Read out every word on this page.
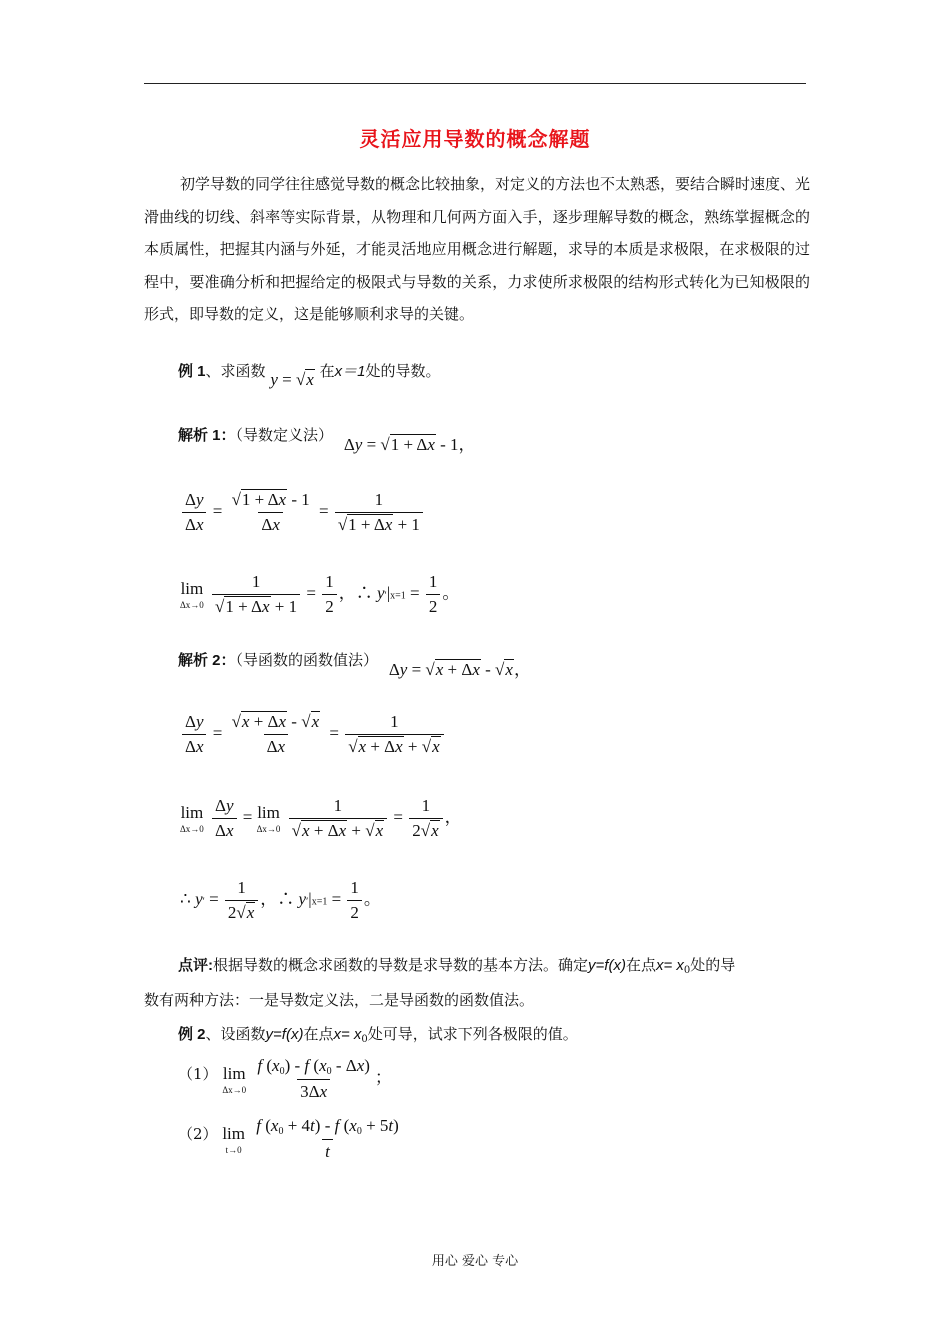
灵活应用导数的概念解题

初学导数的同学往往感觉导数的概念比较抽象，对定义的方法也不太熟悉，要结合瞬时速度、光滑曲线的切线、斜率等实际背景，从物理和几何两方面入手，逐步理解导数的概念，熟练掌握概念的本质属性，把握其内涵与外延，才能灵活地应用概念进行解题，求导的本质是求极限，在求极限的过程中，要准确分析和把握给定的极限式与导数的关系，力求使所求极限的结构形式转化为已知极限的形式，即导数的定义，这是能够顺利求导的关键。

例 1、求函数 y = √x 在x＝1处的导数。
解析 1：（导数定义法） Δy = √1 + Δx - 1，
$\frac{\Delta y}{\Delta x} = \frac{√1 + \Delta x - 1}{\Delta x} = \frac{1}{√1 + \Delta x + 1}$
lim
Δx→0
$\frac{1}{√1 + \Delta x + 1} = \frac{1}{2}$ ，∴ $y'|x=1 = \frac{1}{2}$ 。
解析 2：（导函数的函数值法） Δy = √x + Δx - √x，
$\frac{\Delta y}{\Delta x} = \frac{√x + \Delta x - √x}{\Delta x} = \frac{1}{√x + \Delta x + √x}$
lim
Δx→0
$\frac{\Delta y}{\Delta x} = \lim$
Δx→0
$\frac{1}{√x + \Delta x + √x} = \frac{1}{2√x}$ ，
∴ $y' = \frac{1}{2√x}$ ，∴ $y'|x=1 = \frac{1}{2}$ 。
点评:根据导数的概念求函数的导数是求导数的基本方法。确定y=f(x)在点$x= x_0$处的导
数有两种方法：一是导数定义法，二是导函数的函数值法。
例 2、设函数y=f(x)在点$x= x_0$处可导，试求下列各极限的值。
（1） lim
Δx→0
$\frac{f (x0) - f (x0 - \Delta x)}{3\Delta x}$ ；
（2） lim
t→0
$\frac{f (x0 + 4t) - f (x0 + 5t)}{t}$
用心 爱心 专心
